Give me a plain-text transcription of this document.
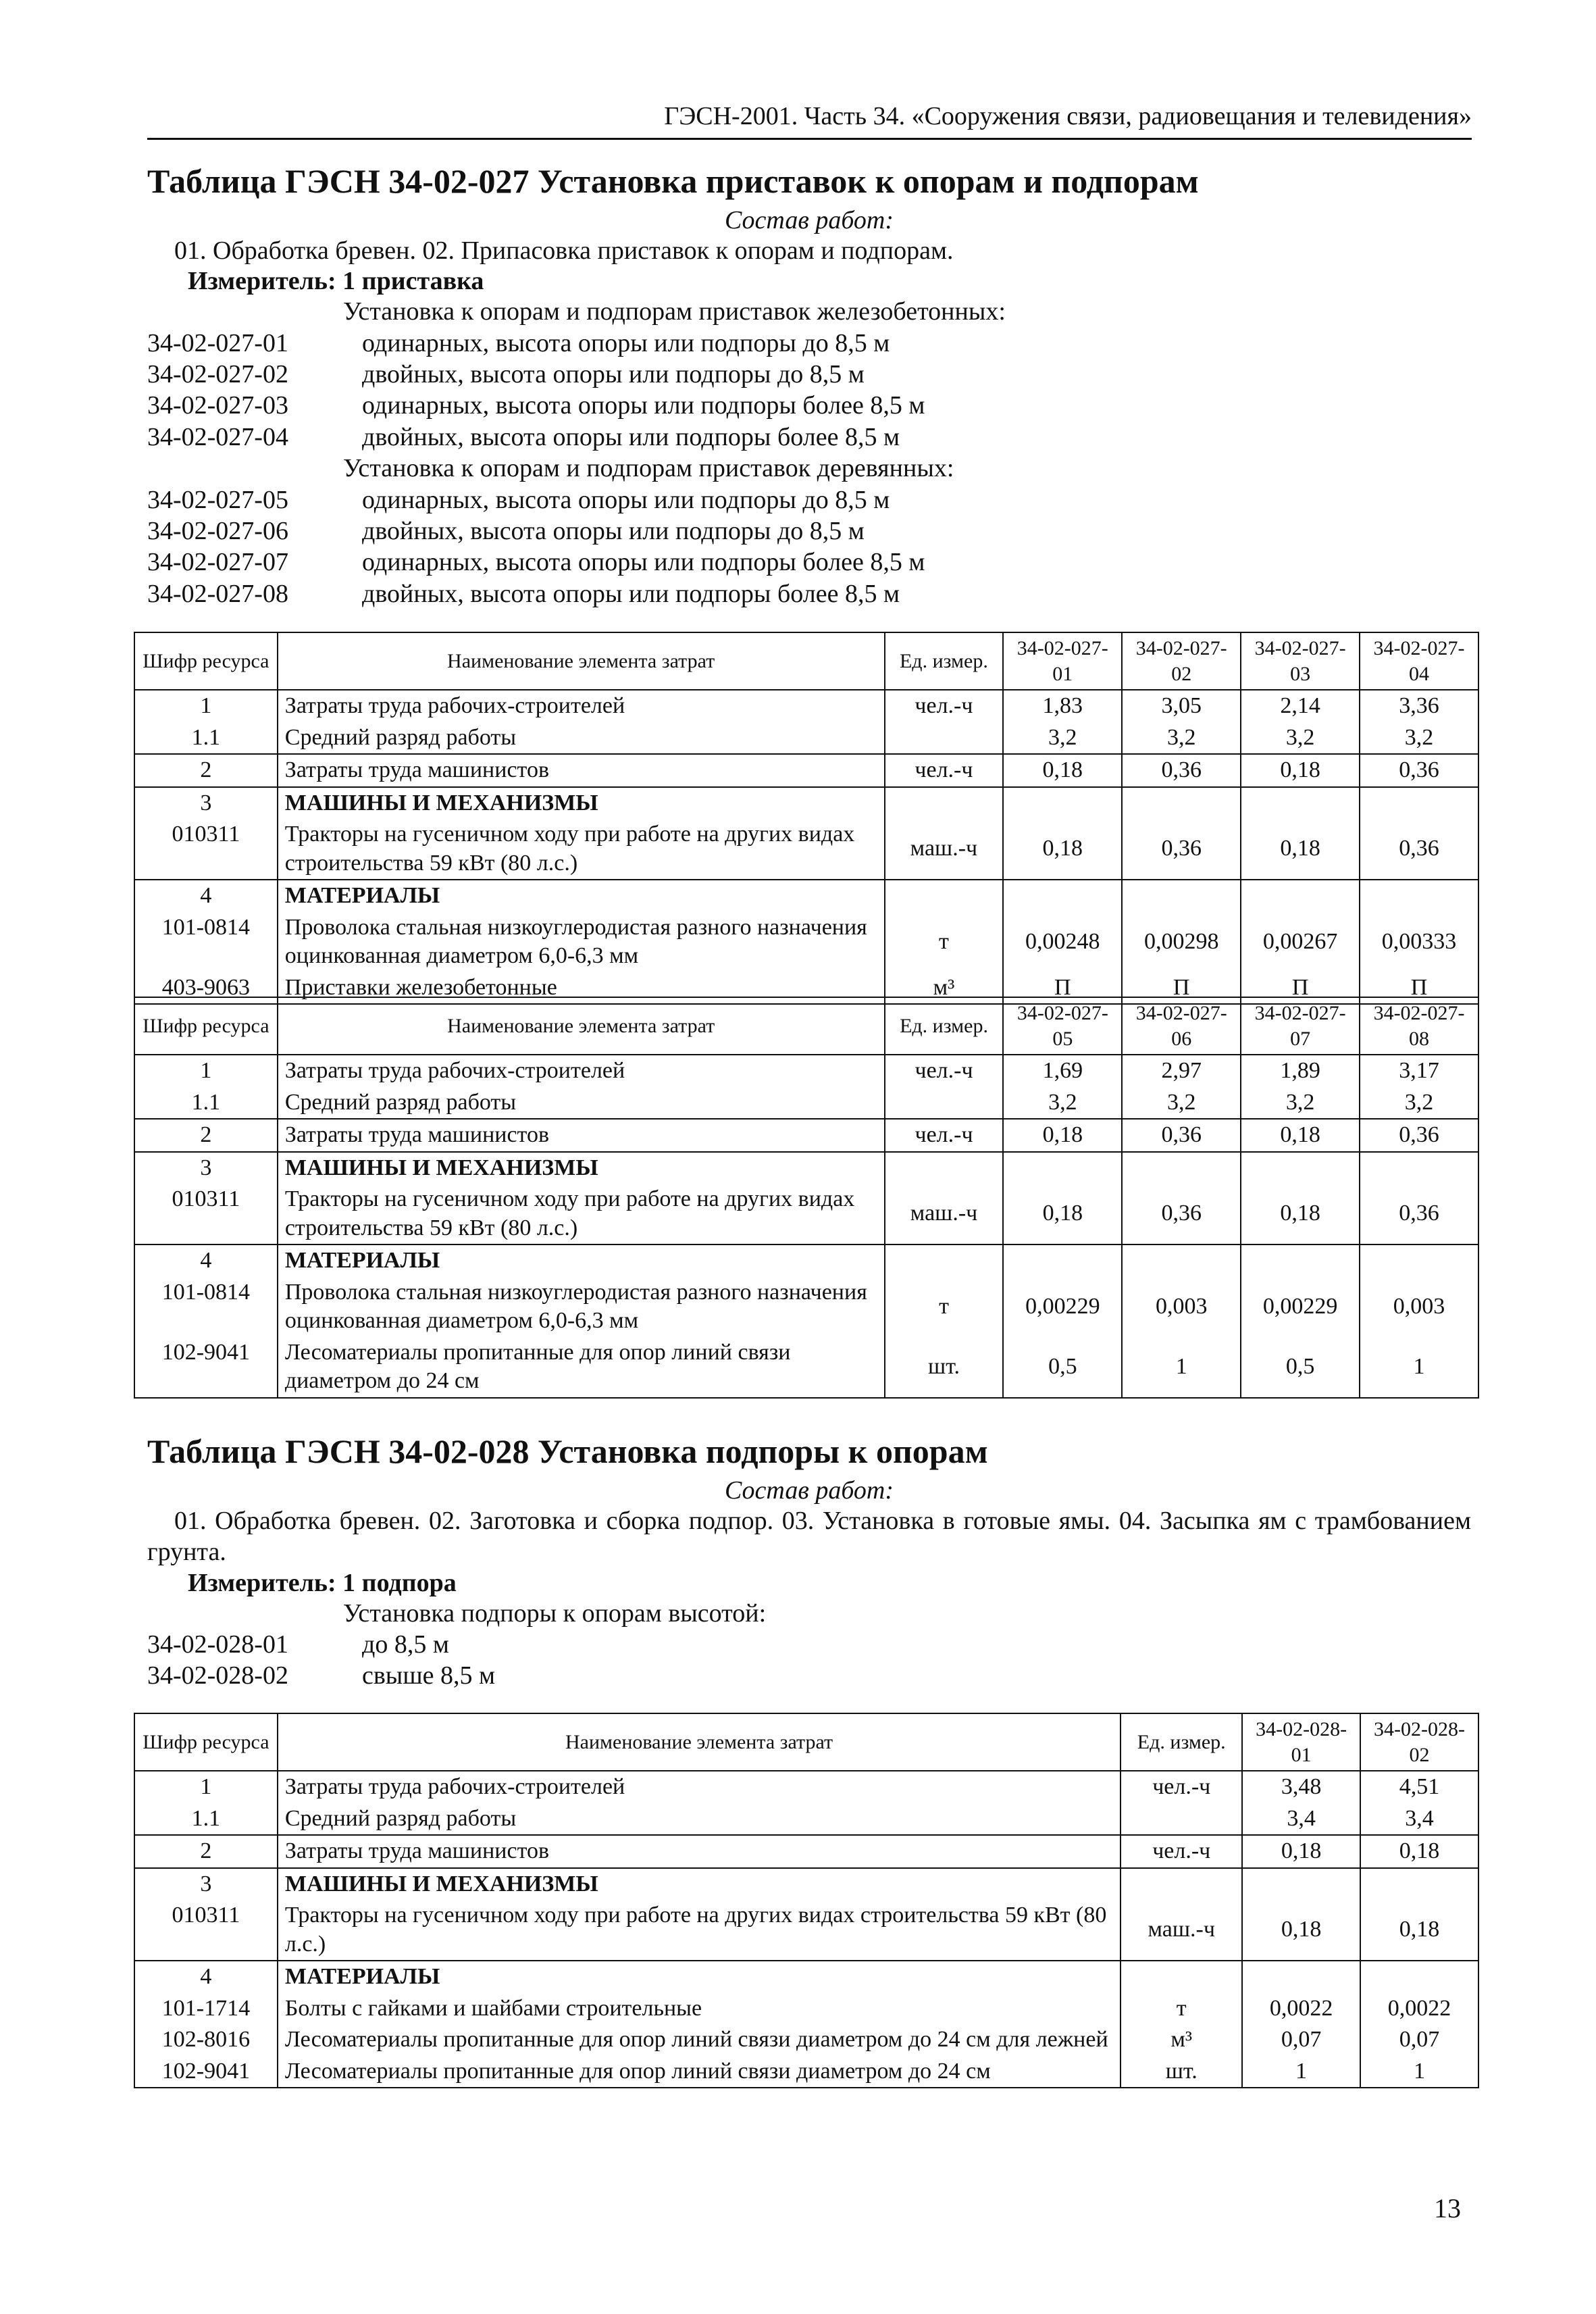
ГЭСН-2001. Часть 34. «Сооружения связи, радиовещания и телевидения»
Таблица ГЭСН 34-02-027 Установка приставок к опорам и подпорам
Состав работ:
01. Обработка бревен. 02. Припасовка приставок к опорам и подпорам.
Измеритель: 1 приставка
Установка к опорам и подпорам приставок железобетонных:
34-02-027-01	одинарных, высота опоры или подпоры до 8,5 м
34-02-027-02	двойных, высота опоры или подпоры до 8,5 м
34-02-027-03	одинарных, высота опоры или подпоры более 8,5 м
34-02-027-04	двойных, высота опоры или подпоры более 8,5 м
Установка к опорам и подпорам приставок деревянных:
34-02-027-05	одинарных, высота опоры или подпоры до 8,5 м
34-02-027-06	двойных, высота опоры или подпоры до 8,5 м
34-02-027-07	одинарных, высота опоры или подпоры более 8,5 м
34-02-027-08	двойных, высота опоры или подпоры более 8,5 м
Шифр ресурса	Наименование элемента затрат	Ед. измер.	34-02-027-01	34-02-027-02	34-02-027-03	34-02-027-04
1	Затраты труда рабочих-строителей	чел.-ч	1,83	3,05	2,14	3,36
1.1	Средний разряд работы		3,2	3,2	3,2	3,2
2	Затраты труда машинистов	чел.-ч	0,18	0,36	0,18	0,36
3	МАШИНЫ И МЕХАНИЗМЫ					
010311	Тракторы на гусеничном ходу при работе на других видах строительства 59 кВт (80 л.с.)	маш.-ч	0,18	0,36	0,18	0,36
4	МАТЕРИАЛЫ					
101-0814	Проволока стальная низкоуглеродистая разного назначения оцинкованная диаметром 6,0-6,3 мм	т	0,00248	0,00298	0,00267	0,00333
403-9063	Приставки железобетонные	м³	П	П	П	П
Шифр ресурса	Наименование элемента затрат	Ед. измер.	34-02-027-05	34-02-027-06	34-02-027-07	34-02-027-08
1	Затраты труда рабочих-строителей	чел.-ч	1,69	2,97	1,89	3,17
1.1	Средний разряд работы		3,2	3,2	3,2	3,2
2	Затраты труда машинистов	чел.-ч	0,18	0,36	0,18	0,36
3	МАШИНЫ И МЕХАНИЗМЫ					
010311	Тракторы на гусеничном ходу при работе на других видах строительства 59 кВт (80 л.с.)	маш.-ч	0,18	0,36	0,18	0,36
4	МАТЕРИАЛЫ					
101-0814	Проволока стальная низкоуглеродистая разного назначения оцинкованная диаметром 6,0-6,3 мм	т	0,00229	0,003	0,00229	0,003
102-9041	Лесоматериалы пропитанные для опор линий связи диаметром до 24 см	шт.	0,5	1	0,5	1
Таблица ГЭСН 34-02-028 Установка подпоры к опорам
Состав работ:
01. Обработка бревен. 02. Заготовка и сборка подпор. 03. Установка в готовые ямы. 04. Засыпка ям с трамбованием грунта.
Измеритель: 1 подпора
Установка подпоры к опорам высотой:
34-02-028-01	до 8,5 м
34-02-028-02	свыше 8,5 м
Шифр ресурса	Наименование элемента затрат	Ед. измер.	34-02-028-01	34-02-028-02
1	Затраты труда рабочих-строителей	чел.-ч	3,48	4,51
1.1	Средний разряд работы		3,4	3,4
2	Затраты труда машинистов	чел.-ч	0,18	0,18
3	МАШИНЫ И МЕХАНИЗМЫ			
010311	Тракторы на гусеничном ходу при работе на других видах строительства 59 кВт (80 л.с.)	маш.-ч	0,18	0,18
4	МАТЕРИАЛЫ			
101-1714	Болты с гайками и шайбами строительные	т	0,0022	0,0022
102-8016	Лесоматериалы пропитанные для опор линий связи диаметром до 24 см для лежней	м³	0,07	0,07
102-9041	Лесоматериалы пропитанные для опор линий связи диаметром до 24 см	шт.	1	1
13
